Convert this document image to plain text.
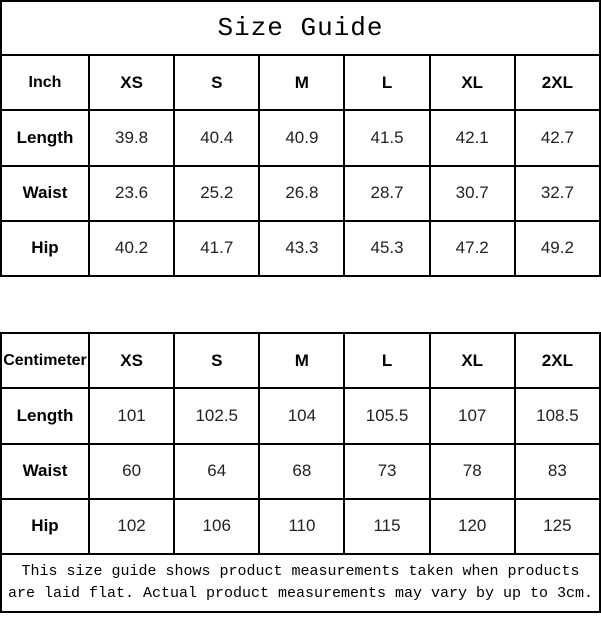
Size Guide
Inch	XS	S	M	L	XL	2XL
Length	39.8	40.4	40.9	41.5	42.1	42.7
Waist	23.6	25.2	26.8	28.7	30.7	32.7
Hip	40.2	41.7	43.3	45.3	47.2	49.2
Centimeter	XS	S	M	L	XL	2XL
Length	101	102.5	104	105.5	107	108.5
Waist	60	64	68	73	78	83
Hip	102	106	110	115	120	125
This size guide shows product measurements taken when products
are laid flat. Actual product measurements may vary by up to 3cm.
